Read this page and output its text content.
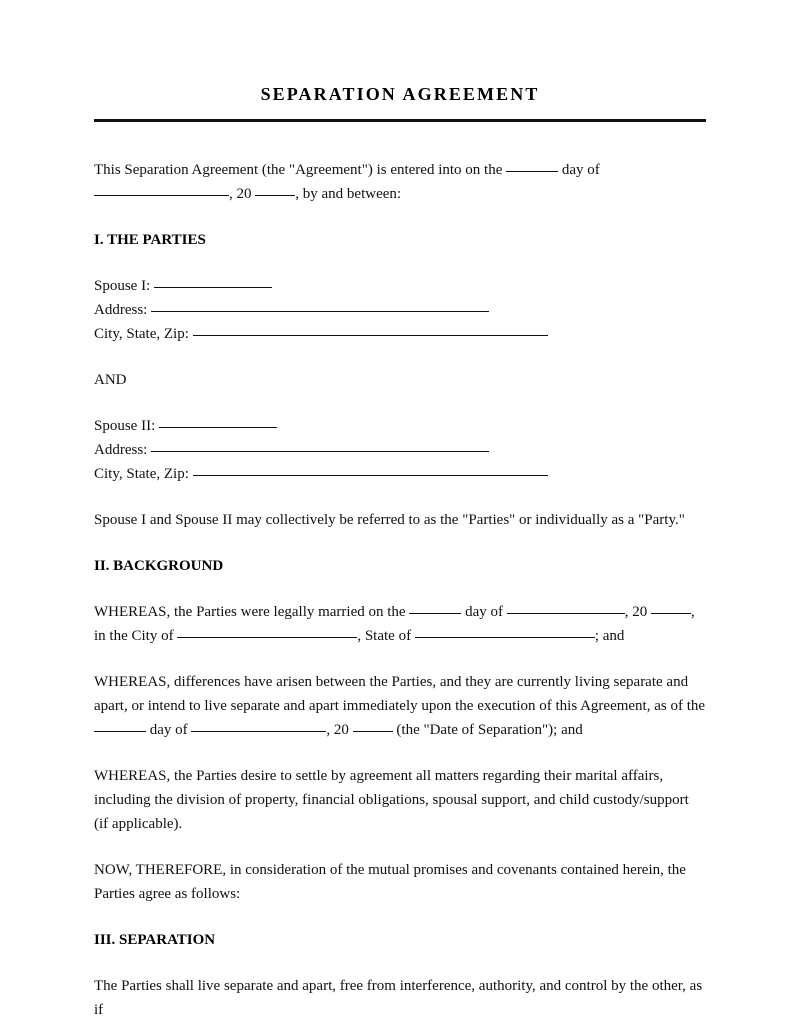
SEPARATION AGREEMENT

This Separation Agreement (the "Agreement") is entered into on the	day of
, 20	, by and between:

I. THE PARTIES
Spouse I:
Address:
City, State, Zip:
AND
Spouse II:
Address:
City, State, Zip:

Spouse I and Spouse II may collectively be referred to as the "Parties" or individually as a "Party."

II. BACKGROUND

WHEREAS, the Parties were legally married on the	day of	, 20	,
in the City of	, State of	; and

WHEREAS, differences have arisen between the Parties, and they are currently living separate and apart, or intend to live separate and apart immediately upon the execution of this Agreement, as of the  day of	, 20	(the "Date of Separation"); and

WHEREAS, the Parties desire to settle by agreement all matters regarding their marital affairs, including the division of property, financial obligations, spousal support, and child custody/support (if applicable).

NOW, THEREFORE, in consideration of the mutual promises and covenants contained herein, the Parties agree as follows:

III. SEPARATION

The Parties shall live separate and apart, free from interference, authority, and control by the other, as if
